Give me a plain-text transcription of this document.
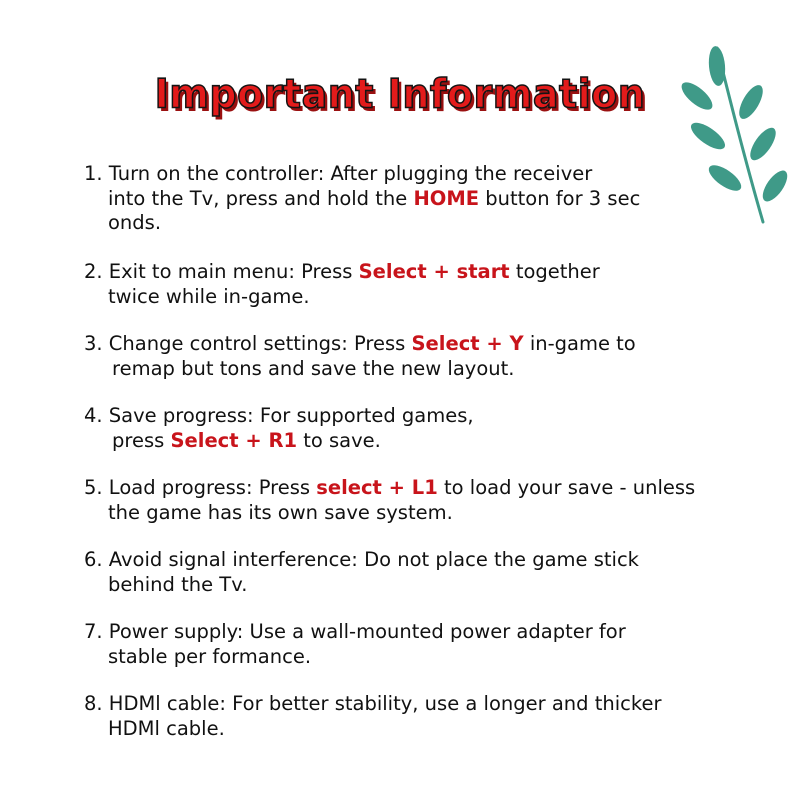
Important Information
1. Turn on the controller: After plugging the receiver
into the Tv, press and hold the HOME button for 3 sec
onds.
2. Exit to main menu: Press Select + start together
twice while in-game.
3. Change control settings: Press Select + Y in-game to
remap but tons and save the new layout.
4. Save progress: For supported games,
press Select + R1 to save.
5. Load progress: Press select + L1 to load your save - unless
the game has its own save system.
6. Avoid signal interference: Do not place the game stick
behind the Tv.
7. Power supply: Use a wall-mounted power adapter for
stable per formance.
8. HDMl cable: For better stability, use a longer and thicker
HDMl cable.
